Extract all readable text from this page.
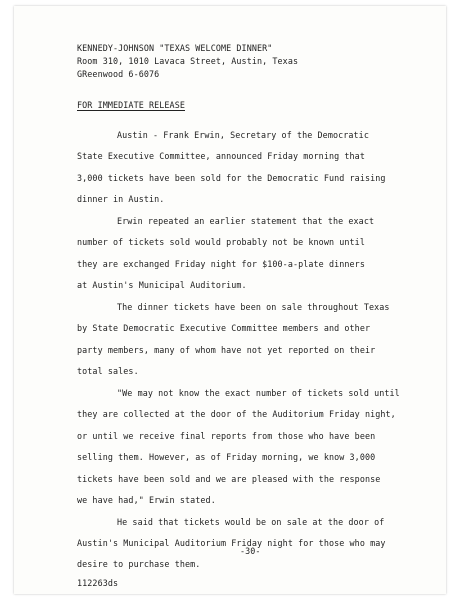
KENNEDY-JOHNSON "TEXAS WELCOME DINNER"
Room 310, 1010 Lavaca Street, Austin, Texas
GReenwood 6-6076
FOR IMMEDIATE RELEASE
Austin - Frank Erwin, Secretary of the Democratic
State Executive Committee, announced Friday morning that
3,000 tickets have been sold for the Democratic Fund raising
dinner in Austin.
Erwin repeated an earlier statement that the exact
number of tickets sold would probably not be known until
they are exchanged Friday night for $100-a-plate dinners
at Austin's Municipal Auditorium.
The dinner tickets have been on sale throughout Texas
by State Democratic Executive Committee members and other
party members, many of whom have not yet reported on their
total sales.
"We may not know the exact number of tickets sold until
they are collected at the door of the Auditorium Friday night,
or until we receive final reports from those who have been
selling them. However, as of Friday morning, we know 3,000
tickets have been sold and we are pleased with the response
we have had," Erwin stated.
He said that tickets would be on sale at the door of
Austin's Municipal Auditorium Friday night for those who may
desire to purchase them.
-30-
112263ds
